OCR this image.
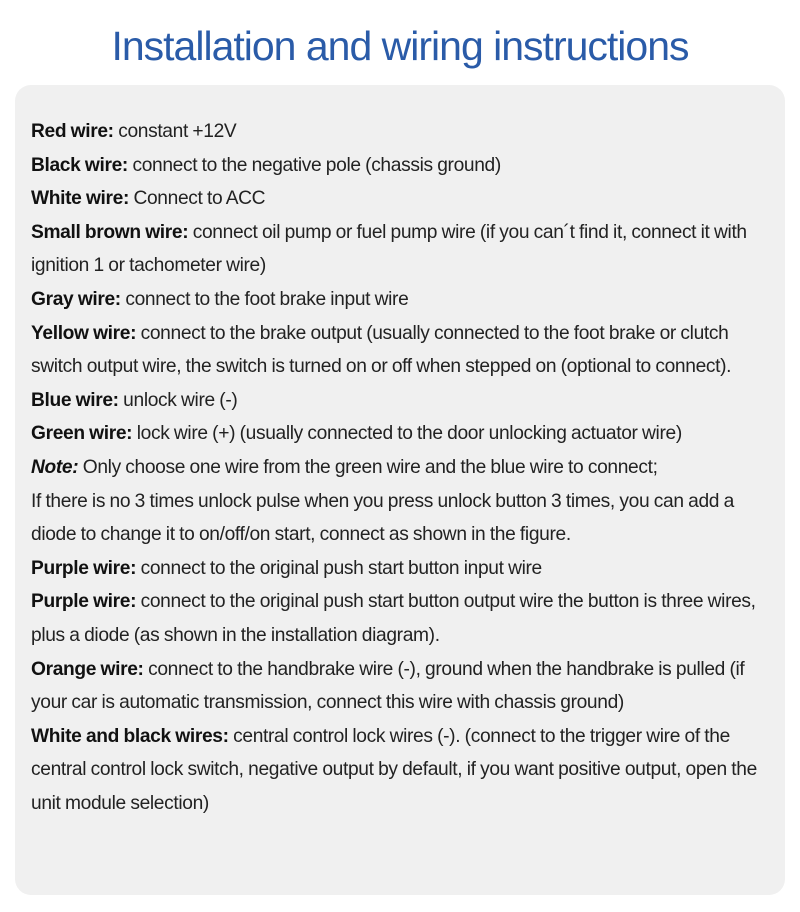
Installation and wiring instructions

Red wire: constant +12V

Black wire: connect to the negative pole (chassis ground)

White wire: Connect to ACC

Small brown wire: connect oil pump or fuel pump wire (if you can´t find it, connect it with ignition 1 or tachometer wire)

Gray wire: connect to the foot brake input wire

Yellow wire: connect to the brake output (usually connected to the foot brake or clutch switch output wire, the switch is turned on or off when stepped on (optional to connect).

Blue wire: unlock wire (-)

Green wire: lock wire (+) (usually connected to the door unlocking actuator wire)

Note: Only choose one wire from the green wire and the blue wire to connect;

If there is no 3 times unlock pulse when you press unlock button 3 times, you can add a diode to change it to on/off/on start, connect as shown in the figure.

Purple wire: connect to the original push start button input wire

Purple wire: connect to the original push start button output wire the button is three wires, plus a diode (as shown in the installation diagram).

Orange wire: connect to the handbrake wire (-), ground when the handbrake is pulled (if your car is automatic transmission, connect this wire with chassis ground)

White and black wires: central control lock wires (-). (connect to the trigger wire of the central control lock switch, negative output by default, if you want positive output, open the unit module selection)
